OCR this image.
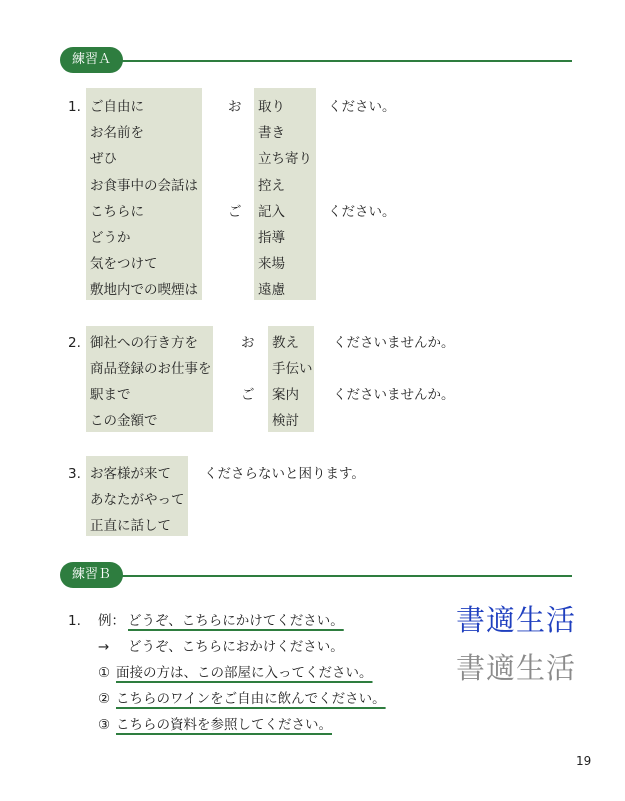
練習Ａ
1. ご自由に
お名前を
ぜひ
お食事中の会話は
こちらに
どうか
気をつけて
敷地内での喫煙は
お
ご
取り
書き
立ち寄り
控え
記入
指導
来場
遠慮
ください。
ください。
2. 御社への行き方を
商品登録のお仕事を
駅まで
この金額で
お
ご
教え
手伝い
案内
検討
くださいませんか。
くださいませんか。
3. お客様が来て
あなたがやって
正直に話して
くださらないと困ります。
練習Ｂ
1. 例： どうぞ、こちらにかけてください。
→ どうぞ、こちらにおかけください。
① 面接の方は、この部屋に入ってください。
② こちらのワインをご自由に飲んでください。
③ こちらの資料を参照してください。
書適生活
書適生活
19
